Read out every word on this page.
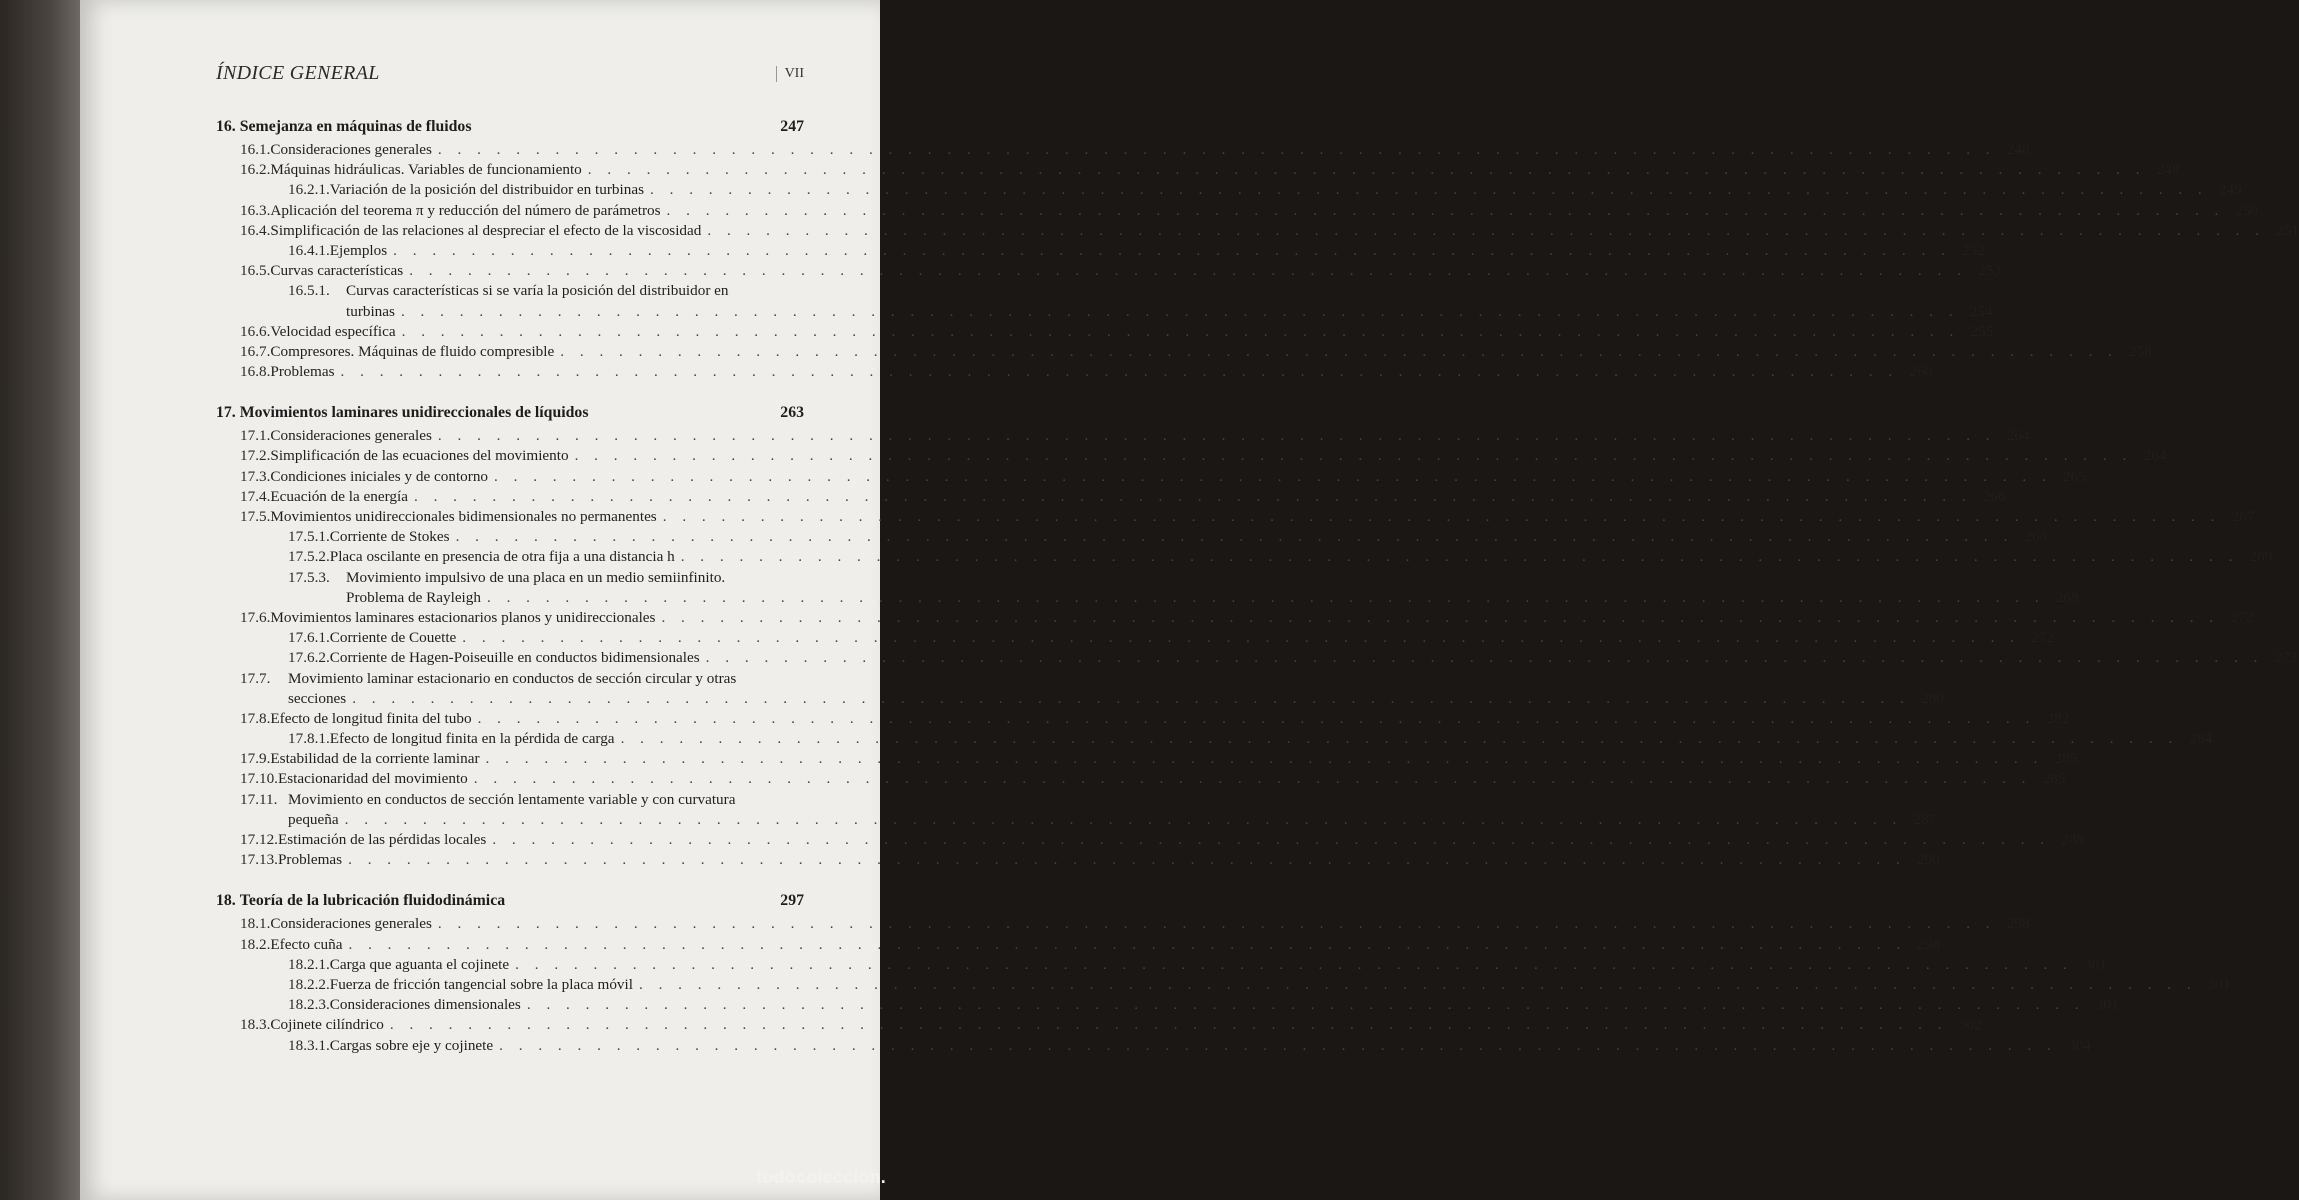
ÍNDICE GENERAL	VII
16. Semejanza en máquinas de fluidos	247
16.1. Consideraciones generales . . . . . . . . . . . . . . . . . . . . . . . . . . . . . . . . . . . . . . . . . . . . . . . . . . . . . . . . . . . . . . . . . . . . . . . . . . . . . . . . 248
16.2. Máquinas hidráulicas. Variables de funcionamiento . . . . . . . . . . . . . . . . . . . . . . . . . . . . . . . . . . . . . . . . . . . . . . . . . . . . . . . . . . . . . . . . . . . . . . . . . . . . . . . . 248
16.2.1. Variación de la posición del distribuidor en turbinas . . . . . . . . . . . . . . . . . . . . . . . . . . . . . . . . . . . . . . . . . . . . . . . . . . . . . . . . . . . . . . . . . . . . . . . . . . . . . . . . 249
16.3. Aplicación del teorema π y reducción del número de parámetros . . . . . . . . . . . . . . . . . . . . . . . . . . . . . . . . . . . . . . . . . . . . . . . . . . . . . . . . . . . . . . . . . . . . . . . . . . . . . . . . 250
16.4. Simplificación de las relaciones al despreciar el efecto de la viscosidad . . . . . . . . . . . . . . . . . . . . . . . . . . . . . . . . . . . . . . . . . . . . . . . . . . . . . . . . . . . . . . . . . . . . . . . . . . . . . . . . 251
16.4.1. Ejemplos . . . . . . . . . . . . . . . . . . . . . . . . . . . . . . . . . . . . . . . . . . . . . . . . . . . . . . . . . . . . . . . . . . . . . . . . . . . . . . . . 252
16.5. Curvas características . . . . . . . . . . . . . . . . . . . . . . . . . . . . . . . . . . . . . . . . . . . . . . . . . . . . . . . . . . . . . . . . . . . . . . . . . . . . . . . . 253
16.5.1.	Curvas características si se varía la posición del distribuidor en
turbinas . . . . . . . . . . . . . . . . . . . . . . . . . . . . . . . . . . . . . . . . . . . . . . . . . . . . . . . . . . . . . . . . . . . . . . . . . . . . . . . . 254
16.6. Velocidad específica . . . . . . . . . . . . . . . . . . . . . . . . . . . . . . . . . . . . . . . . . . . . . . . . . . . . . . . . . . . . . . . . . . . . . . . . . . . . . . . . 255
16.7. Compresores. Máquinas de fluido compresible . . . . . . . . . . . . . . . . . . . . . . . . . . . . . . . . . . . . . . . . . . . . . . . . . . . . . . . . . . . . . . . . . . . . . . . . . . . . . . . . 258
16.8. Problemas . . . . . . . . . . . . . . . . . . . . . . . . . . . . . . . . . . . . . . . . . . . . . . . . . . . . . . . . . . . . . . . . . . . . . . . . . . . . . . . . 260
17. Movimientos laminares unidireccionales de líquidos	263
17.1. Consideraciones generales . . . . . . . . . . . . . . . . . . . . . . . . . . . . . . . . . . . . . . . . . . . . . . . . . . . . . . . . . . . . . . . . . . . . . . . . . . . . . . . . 264
17.2. Simplificación de las ecuaciones del movimiento . . . . . . . . . . . . . . . . . . . . . . . . . . . . . . . . . . . . . . . . . . . . . . . . . . . . . . . . . . . . . . . . . . . . . . . . . . . . . . . . 264
17.3. Condiciones iniciales y de contorno . . . . . . . . . . . . . . . . . . . . . . . . . . . . . . . . . . . . . . . . . . . . . . . . . . . . . . . . . . . . . . . . . . . . . . . . . . . . . . . . 265
17.4. Ecuación de la energía . . . . . . . . . . . . . . . . . . . . . . . . . . . . . . . . . . . . . . . . . . . . . . . . . . . . . . . . . . . . . . . . . . . . . . . . . . . . . . . . 266
17.5. Movimientos unidireccionales bidimensionales no permanentes . . . . . . . . . . . . . . . . . . . . . . . . . . . . . . . . . . . . . . . . . . . . . . . . . . . . . . . . . . . . . . . . . . . . . . . . . . . . . . . . 267
17.5.1. Corriente de Stokes . . . . . . . . . . . . . . . . . . . . . . . . . . . . . . . . . . . . . . . . . . . . . . . . . . . . . . . . . . . . . . . . . . . . . . . . . . . . . . . . 268
17.5.2. Placa oscilante en presencia de otra fija a una distancia h . . . . . . . . . . . . . . . . . . . . . . . . . . . . . . . . . . . . . . . . . . . . . . . . . . . . . . . . . . . . . . . . . . . . . . . . . . . . . . . . 269
17.5.3.	Movimiento impulsivo de una placa en un medio semiinfinito.
Problema de Rayleigh . . . . . . . . . . . . . . . . . . . . . . . . . . . . . . . . . . . . . . . . . . . . . . . . . . . . . . . . . . . . . . . . . . . . . . . . . . . . . . . . 269
17.6. Movimientos laminares estacionarios planos y unidireccionales . . . . . . . . . . . . . . . . . . . . . . . . . . . . . . . . . . . . . . . . . . . . . . . . . . . . . . . . . . . . . . . . . . . . . . . . . . . . . . . . 272
17.6.1. Corriente de Couette . . . . . . . . . . . . . . . . . . . . . . . . . . . . . . . . . . . . . . . . . . . . . . . . . . . . . . . . . . . . . . . . . . . . . . . . . . . . . . . . 272
17.6.2. Corriente de Hagen-Poiseuille en conductos bidimensionales . . . . . . . . . . . . . . . . . . . . . . . . . . . . . . . . . . . . . . . . . . . . . . . . . . . . . . . . . . . . . . . . . . . . . . . . . . . . . . . . 273
17.7.	Movimiento laminar estacionario en conductos de sección circular y otras
secciones . . . . . . . . . . . . . . . . . . . . . . . . . . . . . . . . . . . . . . . . . . . . . . . . . . . . . . . . . . . . . . . . . . . . . . . . . . . . . . . . 280
17.8. Efecto de longitud finita del tubo . . . . . . . . . . . . . . . . . . . . . . . . . . . . . . . . . . . . . . . . . . . . . . . . . . . . . . . . . . . . . . . . . . . . . . . . . . . . . . . . 282
17.8.1. Efecto de longitud finita en la pérdida de carga . . . . . . . . . . . . . . . . . . . . . . . . . . . . . . . . . . . . . . . . . . . . . . . . . . . . . . . . . . . . . . . . . . . . . . . . . . . . . . . . 284
17.9. Estabilidad de la corriente laminar . . . . . . . . . . . . . . . . . . . . . . . . . . . . . . . . . . . . . . . . . . . . . . . . . . . . . . . . . . . . . . . . . . . . . . . . . . . . . . . . 285
17.10. Estacionaridad del movimiento . . . . . . . . . . . . . . . . . . . . . . . . . . . . . . . . . . . . . . . . . . . . . . . . . . . . . . . . . . . . . . . . . . . . . . . . . . . . . . . . 285
17.11. Movimiento en conductos de sección lentamente variable y con curvatura
pequeña . . . . . . . . . . . . . . . . . . . . . . . . . . . . . . . . . . . . . . . . . . . . . . . . . . . . . . . . . . . . . . . . . . . . . . . . . . . . . . . . 287
17.12. Estimación de las pérdidas locales . . . . . . . . . . . . . . . . . . . . . . . . . . . . . . . . . . . . . . . . . . . . . . . . . . . . . . . . . . . . . . . . . . . . . . . . . . . . . . . . 288
17.13. Problemas . . . . . . . . . . . . . . . . . . . . . . . . . . . . . . . . . . . . . . . . . . . . . . . . . . . . . . . . . . . . . . . . . . . . . . . . . . . . . . . . 290
18. Teoría de la lubricación fluidodinámica	297
18.1. Consideraciones generales . . . . . . . . . . . . . . . . . . . . . . . . . . . . . . . . . . . . . . . . . . . . . . . . . . . . . . . . . . . . . . . . . . . . . . . . . . . . . . . . 298
18.2. Efecto cuña . . . . . . . . . . . . . . . . . . . . . . . . . . . . . . . . . . . . . . . . . . . . . . . . . . . . . . . . . . . . . . . . . . . . . . . . . . . . . . . . 298
18.2.1. Carga que aguanta el cojinete . . . . . . . . . . . . . . . . . . . . . . . . . . . . . . . . . . . . . . . . . . . . . . . . . . . . . . . . . . . . . . . . . . . . . . . . . . . . . . . . 301
18.2.2. Fuerza de fricción tangencial sobre la placa móvil . . . . . . . . . . . . . . . . . . . . . . . . . . . . . . . . . . . . . . . . . . . . . . . . . . . . . . . . . . . . . . . . . . . . . . . . . . . . . . . . 301
18.2.3. Consideraciones dimensionales . . . . . . . . . . . . . . . . . . . . . . . . . . . . . . . . . . . . . . . . . . . . . . . . . . . . . . . . . . . . . . . . . . . . . . . . . . . . . . . . 301
18.3. Cojinete cilíndrico . . . . . . . . . . . . . . . . . . . . . . . . . . . . . . . . . . . . . . . . . . . . . . . . . . . . . . . . . . . . . . . . . . . . . . . . . . . . . . . . 302
18.3.1. Cargas sobre eje y cojinete . . . . . . . . . . . . . . . . . . . . . . . . . . . . . . . . . . . . . . . . . . . . . . . . . . . . . . . . . . . . . . . . . . . . . . . . . . . . . . . . 304
todocoleccion.
